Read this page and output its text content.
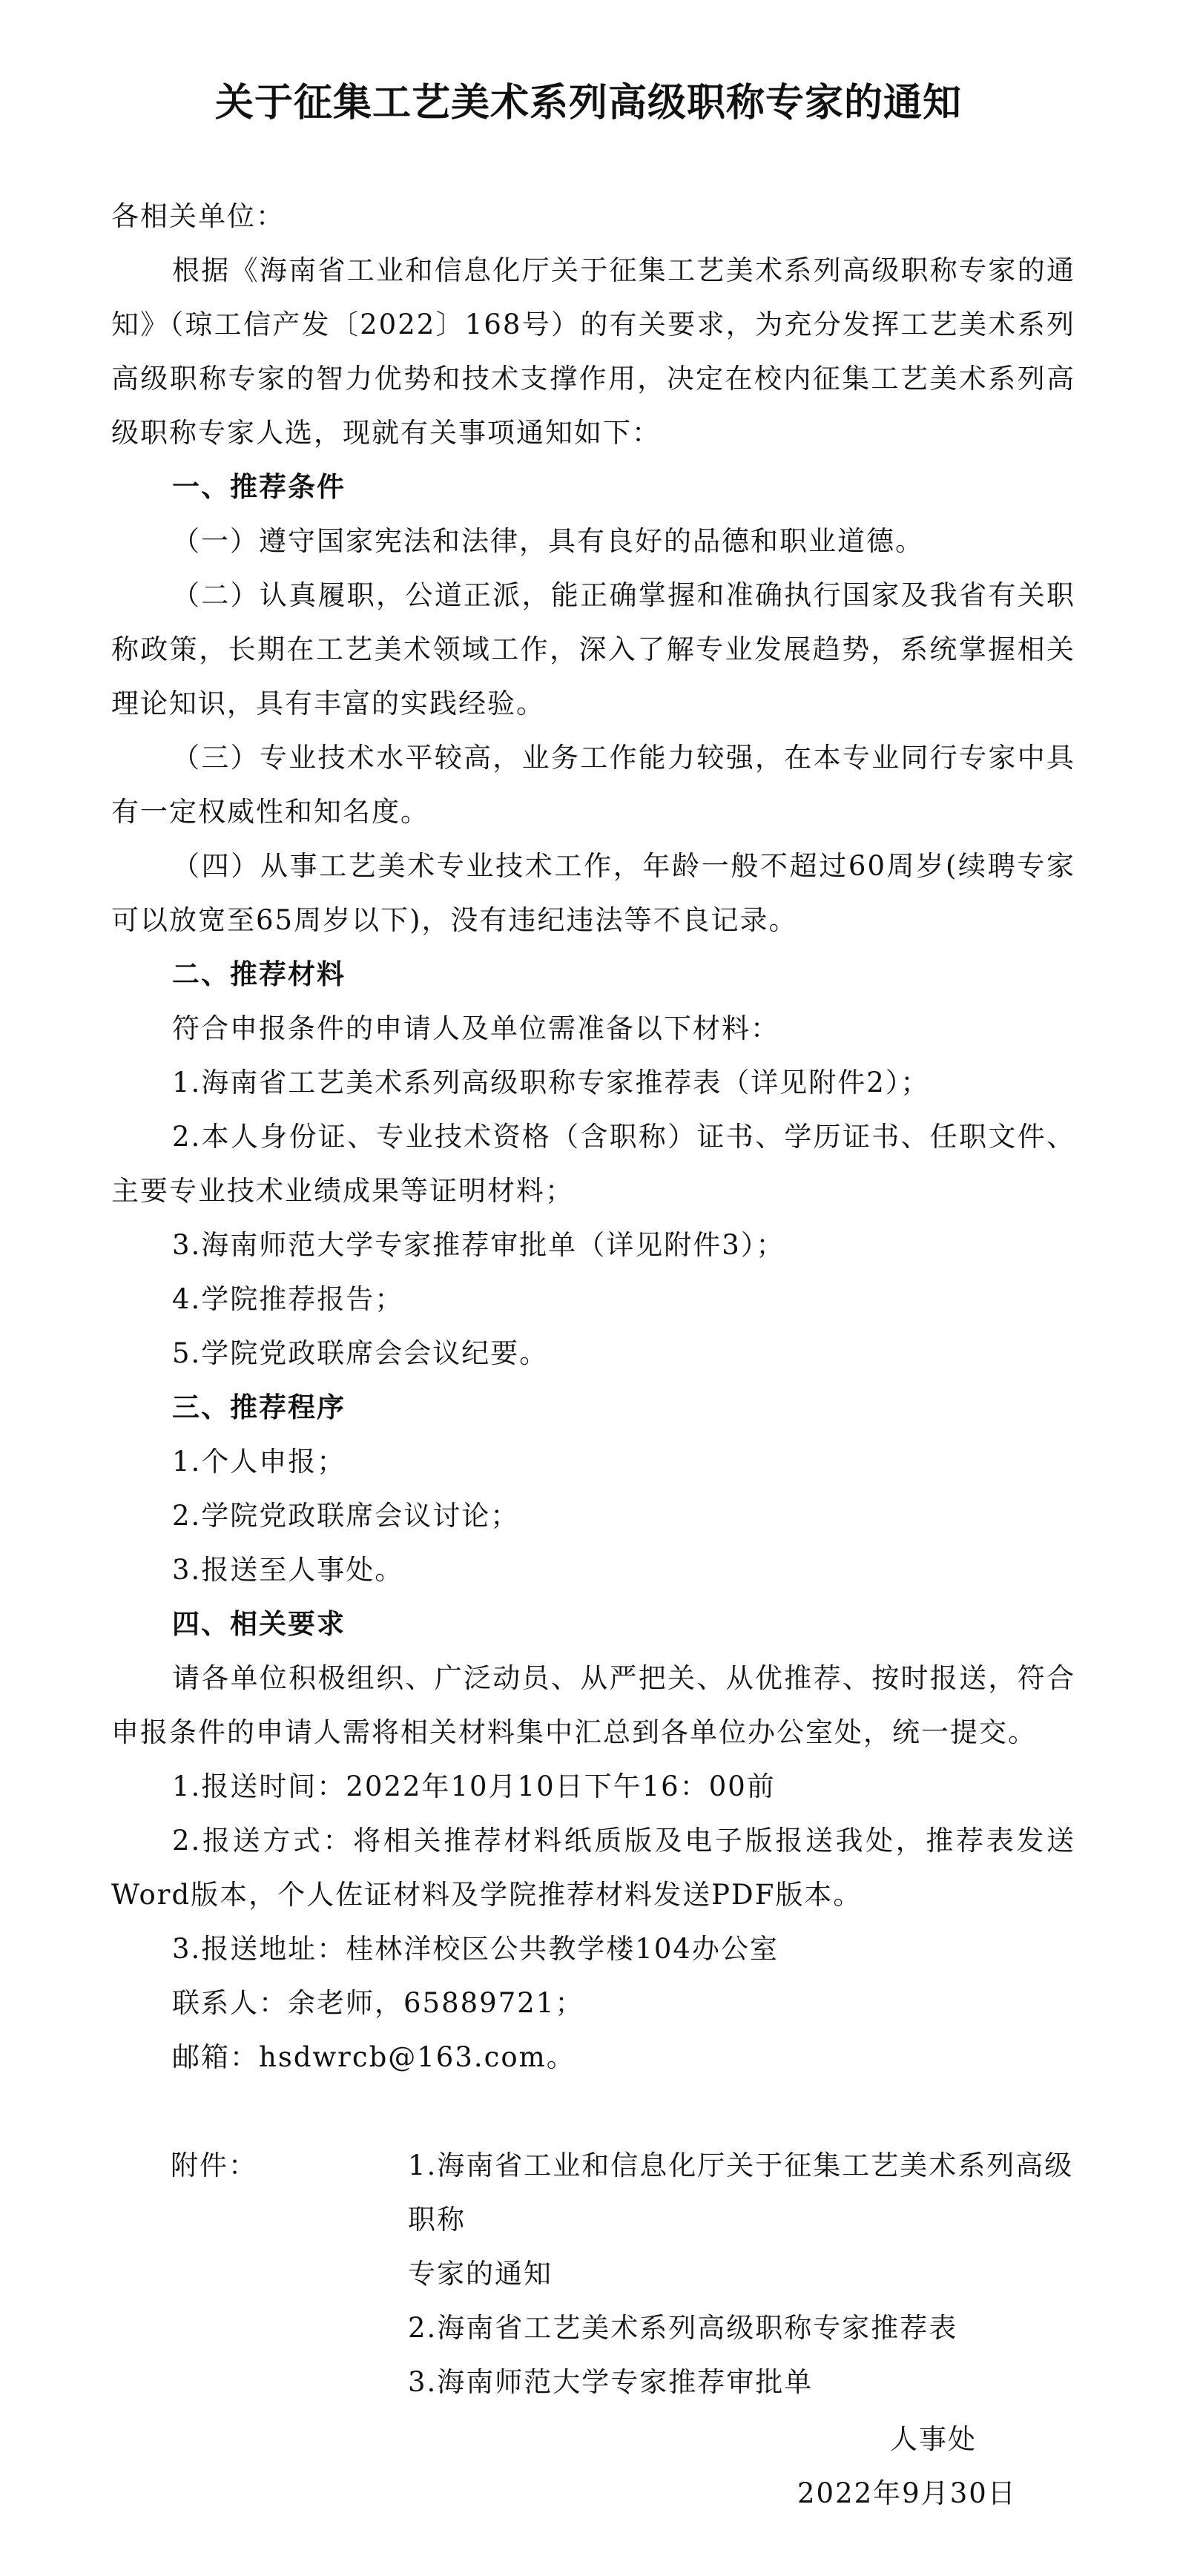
关于征集工艺美术系列高级职称专家的通知

各相关单位：

根据《海南省工业和信息化厅关于征集工艺美术系列高级职称专家的通知》（琼工信产发〔2022〕168号）的有关要求，为充分发挥工艺美术系列高级职称专家的智力优势和技术支撑作用，决定在校内征集工艺美术系列高级职称专家人选，现就有关事项通知如下：

一、推荐条件

（一）遵守国家宪法和法律，具有良好的品德和职业道德。

（二）认真履职，公道正派，能正确掌握和准确执行国家及我省有关职称政策，长期在工艺美术领域工作，深入了解专业发展趋势，系统掌握相关理论知识，具有丰富的实践经验。

（三）专业技术水平较高，业务工作能力较强，在本专业同行专家中具有一定权威性和知名度。

（四）从事工艺美术专业技术工作，年龄一般不超过60周岁(续聘专家可以放宽至65周岁以下)，没有违纪违法等不良记录。

二、推荐材料

符合申报条件的申请人及单位需准备以下材料：

1.海南省工艺美术系列高级职称专家推荐表（详见附件2）；

2.本人身份证、专业技术资格（含职称）证书、学历证书、任职文件、主要专业技术业绩成果等证明材料；

3.海南师范大学专家推荐审批单（详见附件3）；

4.学院推荐报告；

5.学院党政联席会会议纪要。

三、推荐程序

1.个人申报；

2.学院党政联席会议讨论；

3.报送至人事处。

四、相关要求

请各单位积极组织、广泛动员、从严把关、从优推荐、按时报送，符合申报条件的申请人需将相关材料集中汇总到各单位办公室处，统一提交。

1.报送时间：2022年10月10日下午16：00前

2.报送方式：将相关推荐材料纸质版及电子版报送我处，推荐表发送Word版本，个人佐证材料及学院推荐材料发送PDF版本。

3.报送地址：桂林洋校区公共教学楼104办公室

联系人：余老师，65889721；

邮箱：hsdwrcb@163.com。

附件：	1.海南省工业和信息化厅关于征集工艺美术系列高级职称

专家的通知

2.海南省工艺美术系列高级职称专家推荐表

3.海南师范大学专家推荐审批单

人事处

2022年9月30日
